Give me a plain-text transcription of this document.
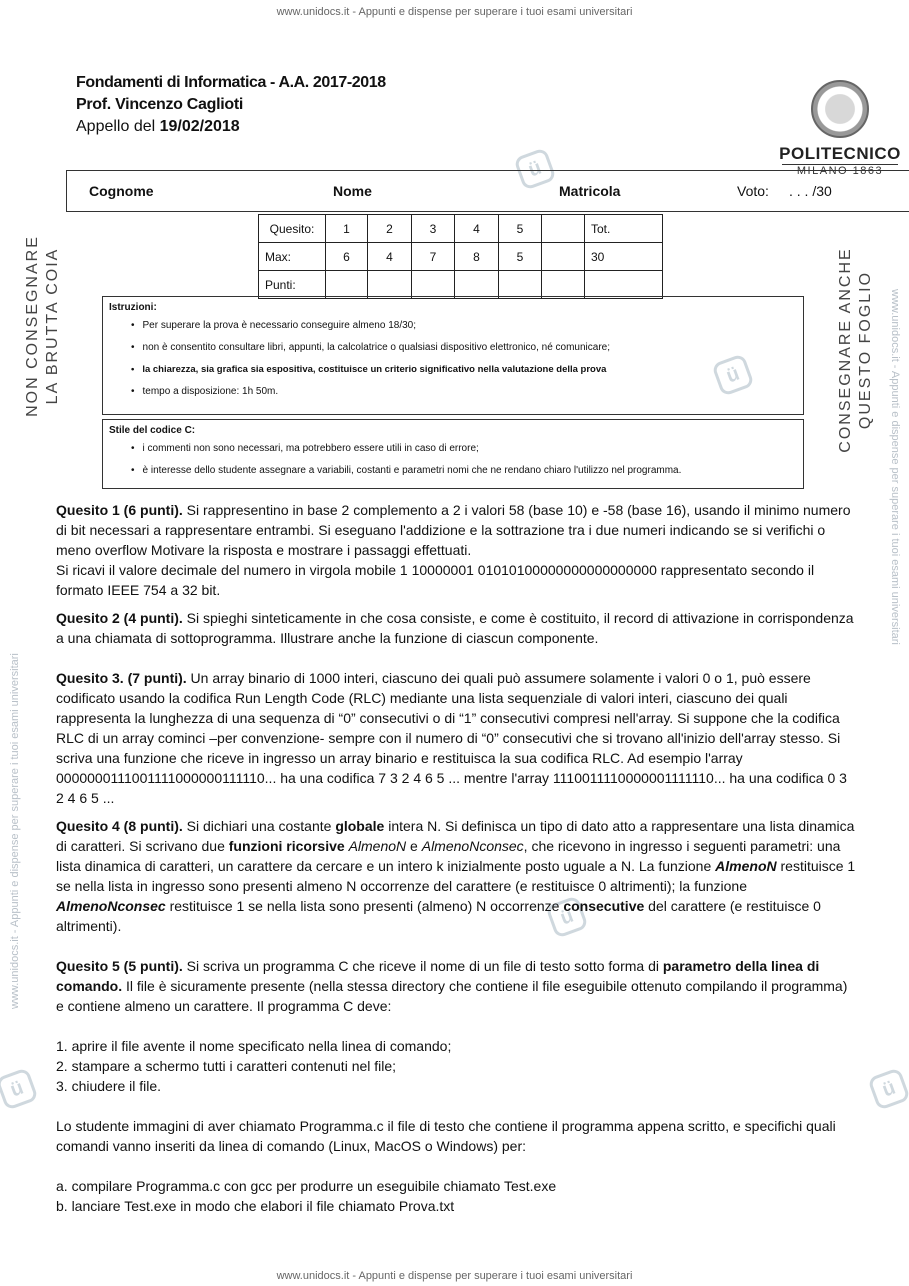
www.unidocs.it - Appunti e dispense per superare i tuoi esami universitari
www.unidocs.it - Appunti e dispense per superare i tuoi esami universitari
www.unidocs.it - Appunti e dispense per superare i tuoi esami universitari
www.unidocs.it - Appunti e dispense per superare i tuoi esami universitari
ü
ü
ü
ü	ü
Fondamenti di Informatica - A.A. 2017-2018
Prof. Vincenzo Caglioti
Appello del 19/02/2018
POLITECNICO
MILANO 1863
Cognome	Nome	Matricola	Voto: . . . /30
Quesito:	1	2	3	4	5		Tot.
Max:	6	4	7	8	5		30
Punti:							
Istruzioni:
• Per superare la prova è necessario conseguire almeno 18/30;
• non è consentito consultare libri, appunti, la calcolatrice o qualsiasi dispositivo elettronico, né comunicare;
• la chiarezza, sia grafica sia espositiva, costituisce un criterio significativo nella valutazione della prova
• tempo a disposizione: 1h 50m.
Stile del codice C:
• i commenti non sono necessari, ma potrebbero essere utili in caso di errore;
• è interesse dello studente assegnare a variabili, costanti e parametri nomi che ne rendano chiaro l'utilizzo nel programma.
NON CONSEGNARE LA BRUTTA COIA	CONSEGNARE ANCHE QUESTO FOGLIO
Quesito 1 (6 punti). Si rappresentino in base 2 complemento a 2 i valori 58 (base 10) e -58 (base 16), usando il minimo numero di bit necessari a rappresentare entrambi. Si eseguano l'addizione e la sottrazione tra i due numeri indicando se si verifichi o meno overflow Motivare la risposta e mostrare i passaggi effettuati.
Si ricavi il valore decimale del numero in virgola mobile 1 10000001 01010100000000000000000 rappresentato secondo il formato IEEE 754 a 32 bit.
Quesito 2 (4 punti). Si spieghi sinteticamente in che cosa consiste, e come è costituito, il record di attivazione in corrispondenza a una chiamata di sottoprogramma. Illustrare anche la funzione di ciascun componente.
Quesito 3. (7 punti). Un array binario di 1000 interi, ciascuno dei quali può assumere solamente i valori 0 o 1, può essere codificato usando la codifica Run Length Code (RLC) mediante una lista sequenziale di valori interi, ciascuno dei quali rappresenta la lunghezza di una sequenza di “0” consecutivi o di “1” consecutivi compresi nell'array. Si suppone che la codifica RLC di un array cominci –per convenzione- sempre con il numero di “0” consecutivi che si trovano all'inizio dell'array stesso. Si scriva una funzione che riceve in ingresso un array binario e restituisca la sua codifica RLC. Ad esempio l'array 0000000111001111000000111110... ha una codifica 7 3 2 4 6 5 ... mentre l'array 1110011110000001111110... ha una codifica 0 3 2 4 6 5 ...
Quesito 4 (8 punti). Si dichiari una costante globale intera N. Si definisca un tipo di dato atto a rappresentare una lista dinamica di caratteri. Si scrivano due funzioni ricorsive AlmenoN e AlmenoNconsec, che ricevono in ingresso i seguenti parametri: una lista dinamica di caratteri, un carattere da cercare e un intero k inizialmente posto uguale a N. La funzione AlmenoN restituisce 1 se nella lista in ingresso sono presenti almeno N occorrenze del carattere (e restituisce 0 altrimenti); la funzione AlmenoNconsec restituisce 1 se nella lista sono presenti (almeno) N occorrenze consecutive del carattere (e restituisce 0 altrimenti).
Quesito 5 (5 punti). Si scriva un programma C che riceve il nome di un file di testo sotto forma di parametro della linea di comando. Il file è sicuramente presente (nella stessa directory che contiene il file eseguibile ottenuto compilando il programma) e contiene almeno un carattere. Il programma C deve:
1. aprire il file avente il nome specificato nella linea di comando;
2. stampare a schermo tutti i caratteri contenuti nel file;
3. chiudere il file.
Lo studente immagini di aver chiamato Programma.c il file di testo che contiene il programma appena scritto, e specifichi quali comandi vanno inseriti da linea di comando (Linux, MacOS o Windows) per:
a. compilare Programma.c con gcc per produrre un eseguibile chiamato Test.exe
b. lanciare Test.exe in modo che elabori il file chiamato Prova.txt
